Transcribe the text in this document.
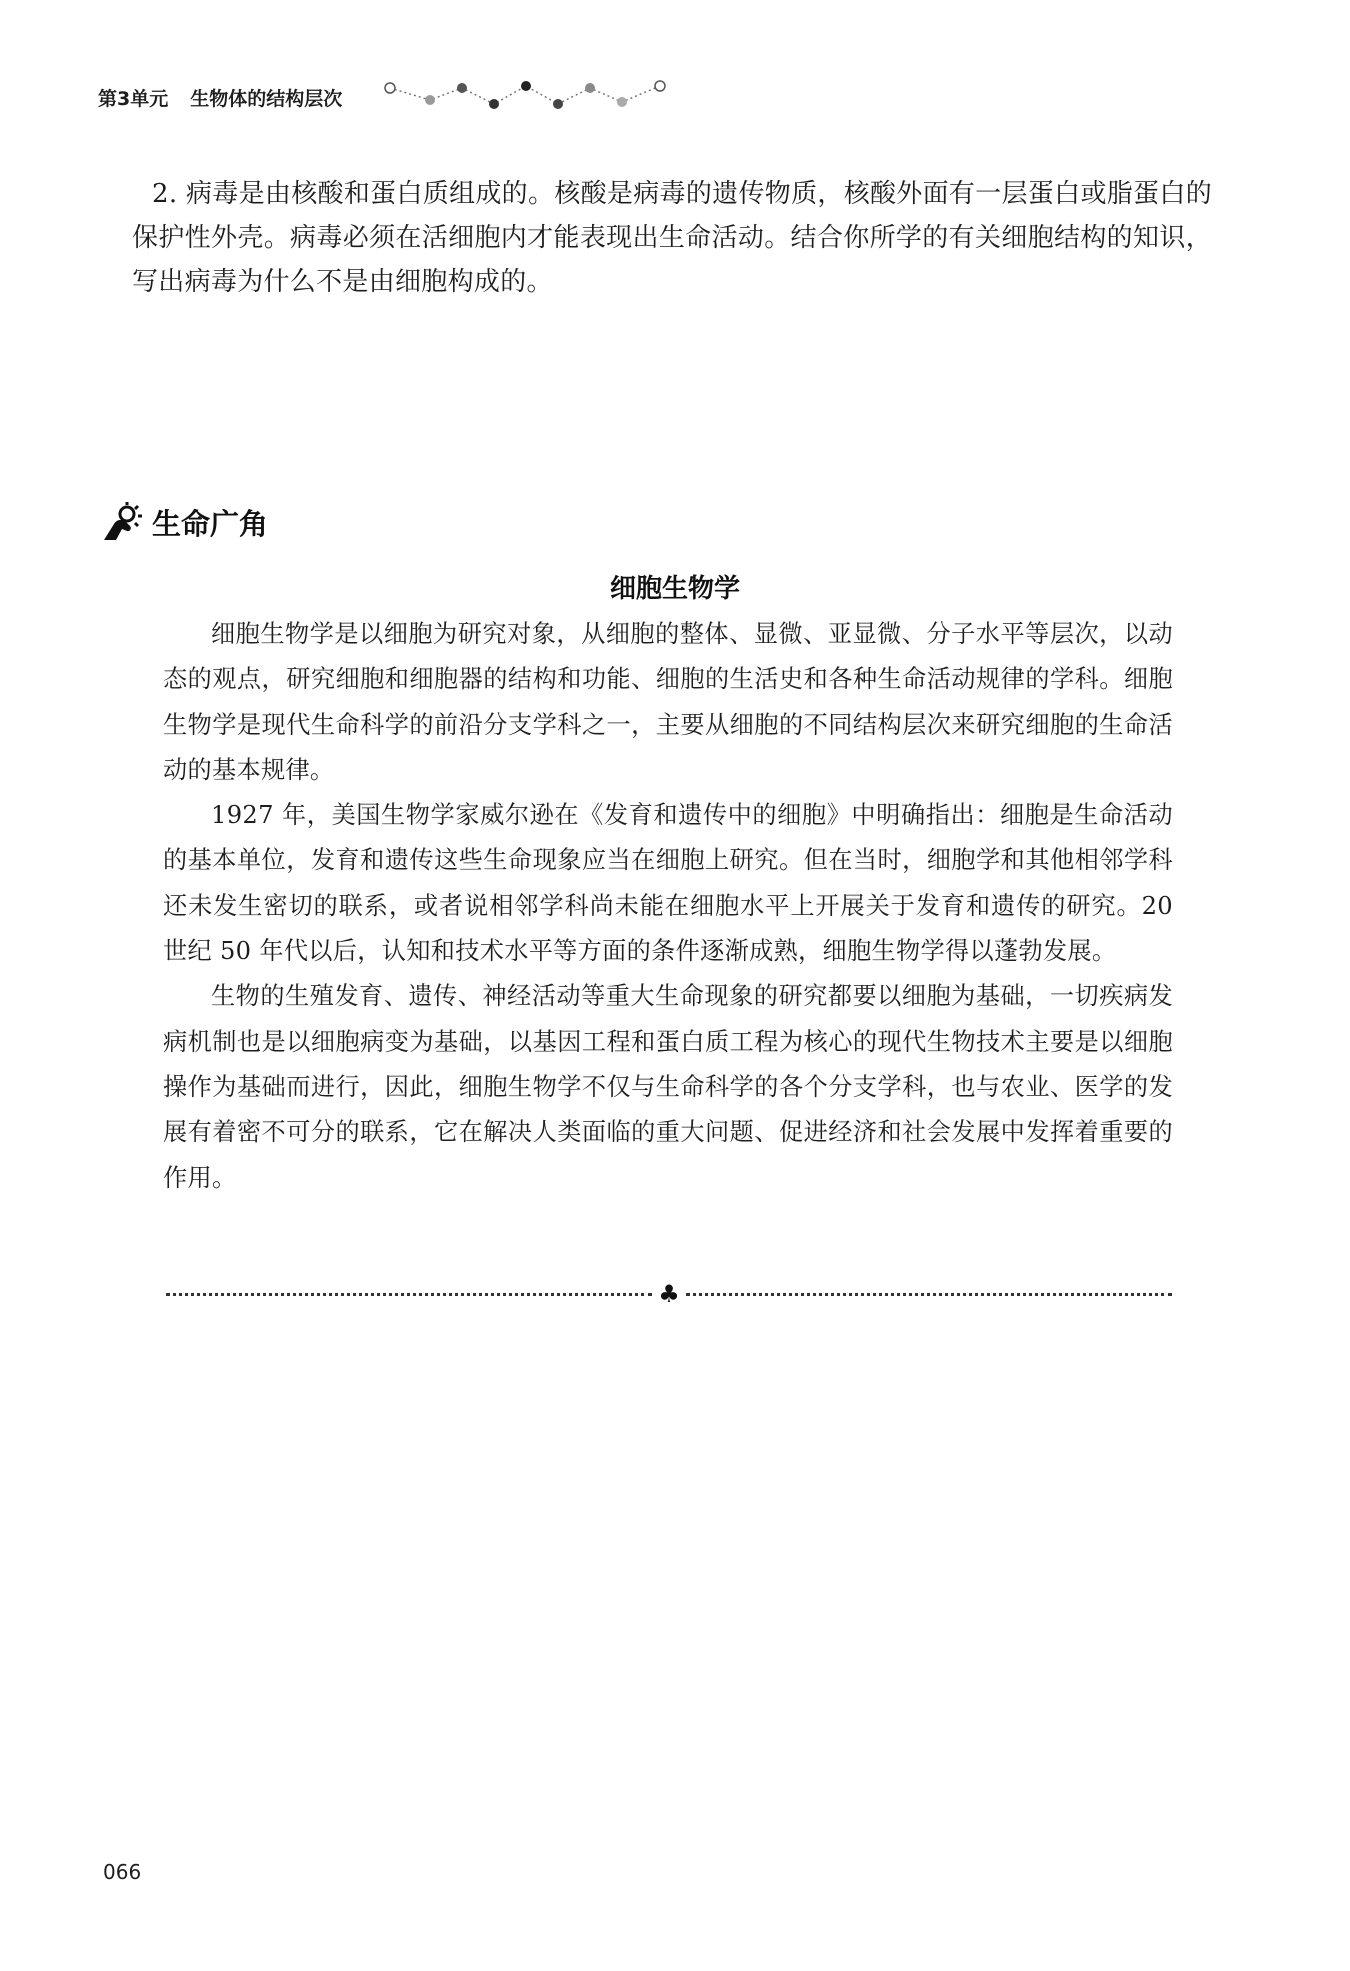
第3单元 生物体的结构层次
2. 病毒是由核酸和蛋白质组成的。核酸是病毒的遗传物质，核酸外面有一层蛋白或脂蛋白的保护性外壳。病毒必须在活细胞内才能表现出生命活动。结合你所学的有关细胞结构的知识，写出病毒为什么不是由细胞构成的。
生命广角
细胞生物学

细胞生物学是以细胞为研究对象，从细胞的整体、显微、亚显微、分子水平等层次，以动态的观点，研究细胞和细胞器的结构和功能、细胞的生活史和各种生命活动规律的学科。细胞生物学是现代生命科学的前沿分支学科之一，主要从细胞的不同结构层次来研究细胞的生命活动的基本规律。

1927 年，美国生物学家威尔逊在《发育和遗传中的细胞》中明确指出：细胞是生命活动的基本单位，发育和遗传这些生命现象应当在细胞上研究。但在当时，细胞学和其他相邻学科还未发生密切的联系，或者说相邻学科尚未能在细胞水平上开展关于发育和遗传的研究。20 世纪 50 年代以后，认知和技术水平等方面的条件逐渐成熟，细胞生物学得以蓬勃发展。

生物的生殖发育、遗传、神经活动等重大生命现象的研究都要以细胞为基础，一切疾病发病机制也是以细胞病变为基础，以基因工程和蛋白质工程为核心的现代生物技术主要是以细胞操作为基础而进行，因此，细胞生物学不仅与生命科学的各个分支学科，也与农业、医学的发展有着密不可分的联系，它在解决人类面临的重大问题、促进经济和社会发展中发挥着重要的作用。

♣
066
